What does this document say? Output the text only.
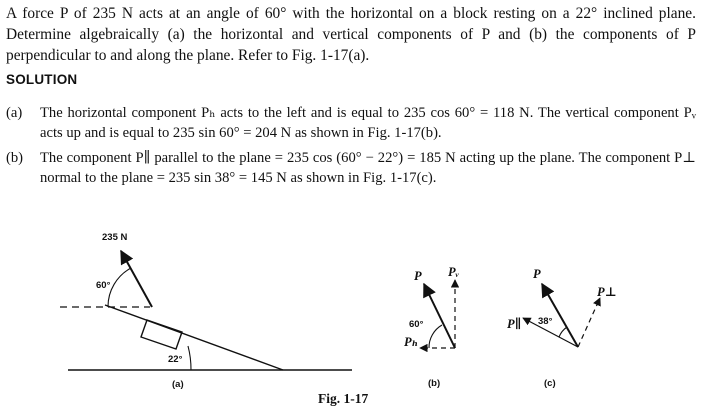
A force P of 235 N acts at an angle of 60° with the horizontal on a block resting on a 22° inclined plane. Determine algebraically (a) the horizontal and vertical components of P and (b) the components of P perpendicular to and along the plane. Refer to Fig. 1-17(a).
SOLUTION
(a) The horizontal component Pₕ acts to the left and is equal to 235 cos 60° = 118 N. The vertical component Pᵥ acts up and is equal to 235 sin 60° = 204 N as shown in Fig. 1-17(b).
(b) The component P∥ parallel to the plane = 235 cos (60° − 22°) = 185 N acting up the plane. The component P⊥ normal to the plane = 235 sin 38° = 145 N as shown in Fig. 1-17(c).
235 N
60°
22°
(a)
P Pᵥ
Pₕ
60°
(b)
P
P⊥
P∥ 38°
(c)
Fig. 1-17
